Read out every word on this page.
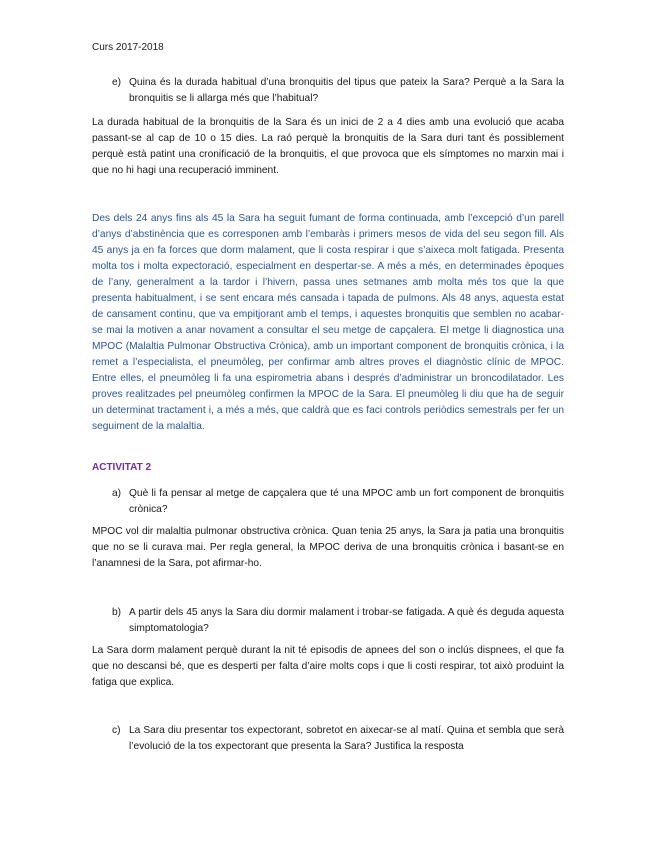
Curs 2017-2018
e) Quina és la durada habitual d’una bronquitis del tipus que pateix la Sara? Perquè a la Sara la bronquitis se li allarga més que l’habitual?
La durada habitual de la bronquitis de la Sara és un inici de 2 a 4 dies amb una evolució que acaba passant-se al cap de 10 o 15 dies. La raó perquè la bronquitis de la Sara duri tant és possiblement perquè està patint una cronificació de la bronquitis, el que provoca que els símptomes no marxin mai i que no hi hagi una recuperació imminent.
Des dels 24 anys fins als 45 la Sara ha seguit fumant de forma continuada, amb l’excepció d’un parell d’anys d’abstinència que es corresponen amb l’embaràs i primers mesos de vida del seu segon fill. Als 45 anys ja en fa forces que dorm malament, que li costa respirar i que s’aixeca molt fatigada. Presenta molta tos i molta expectoració, especialment en despertar-se. A més a més, en determinades èpoques de l’any, generalment a la tardor i l’hivern, passa unes setmanes amb molta més tos que la que presenta habitualment, i se sent encara més cansada i tapada de pulmons. Als 48 anys, aquesta estat de cansament continu, que va empitjorant amb el temps, i aquestes bronquitis que semblen no acabar-se mai la motiven a anar novament a consultar el seu metge de capçalera. El metge li diagnostica una MPOC (Malaltia Pulmonar Obstructiva Crònica), amb un important component de bronquitis crònica, i la remet a l’especialista, el pneumòleg, per confirmar amb altres proves el diagnòstic clínic de MPOC. Entre elles, el pneumòleg li fa una espirometria abans i després d’administrar un broncodilatador. Les proves realitzades pel pneumòleg confirmen la MPOC de la Sara. El pneumòleg li diu que ha de seguir un determinat tractament i, a més a més, que caldrà que es faci controls periòdics semestrals per fer un seguiment de la malaltia.
ACTIVITAT 2
a) Què li fa pensar al metge de capçalera que té una MPOC amb un fort component de bronquitis crònica?
MPOC vol dir malaltia pulmonar obstructiva crònica. Quan tenia 25 anys, la Sara ja patia una bronquitis que no se li curava mai. Per regla general, la MPOC deriva de una bronquitis crònica i basant-se en l’anamnesi de la Sara, pot afirmar-ho.
b) A partir dels 45 anys la Sara diu dormir malament i trobar-se fatigada. A què és deguda aquesta simptomatologia?
La Sara dorm malament perquè durant la nit té episodis de apnees del son o inclús dispnees, el que fa que no descansi bé, que es desperti per falta d’aire molts cops i que li costi respirar, tot això produint la fatiga que explica.
c) La Sara diu presentar tos expectorant, sobretot en aixecar-se al matí. Quina et sembla que serà l’evolució de la tos expectorant que presenta la Sara? Justifica la resposta
